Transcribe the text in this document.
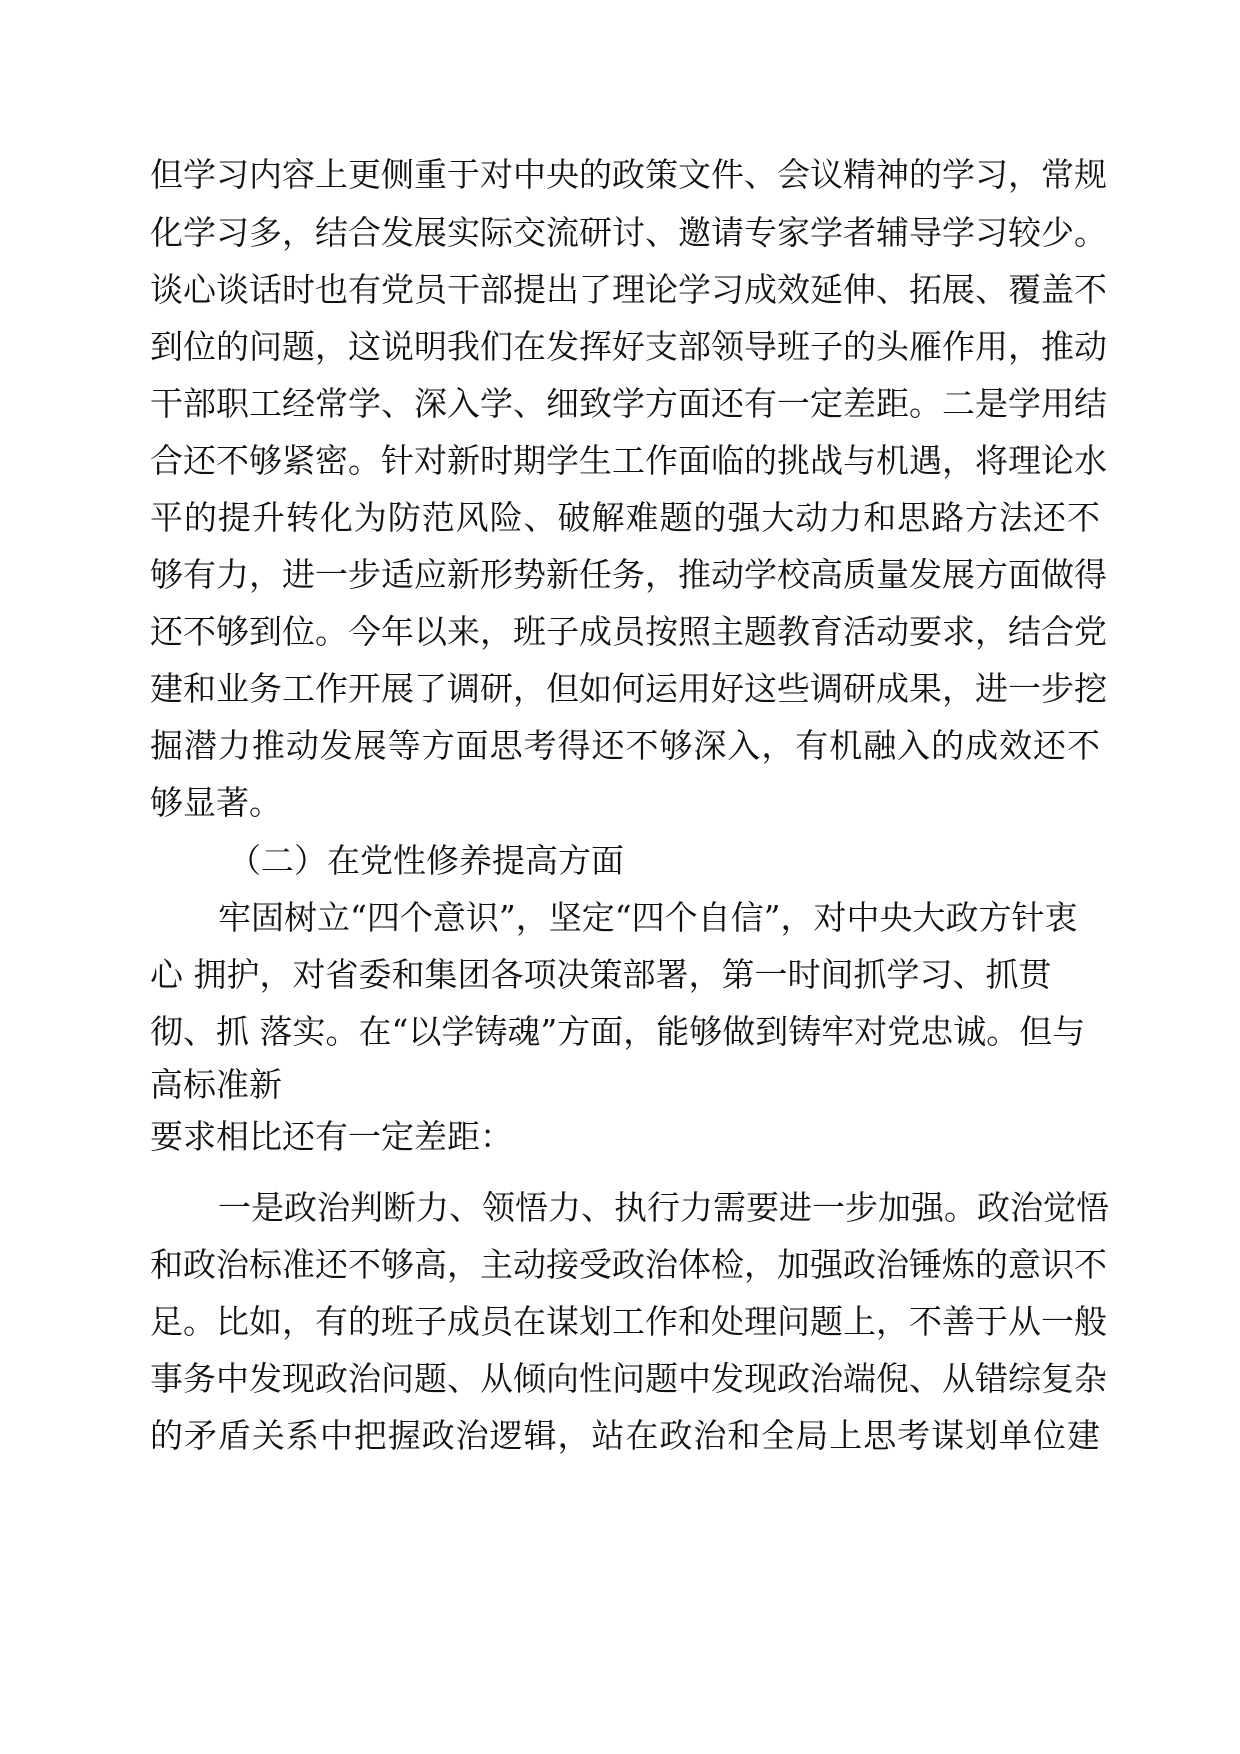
但学习内容上更侧重于对中央的政策文件、会议精神的学习，常规
化学习多，结合发展实际交流研讨、邀请专家学者辅导学习较少。
谈心谈话时也有党员干部提出了理论学习成效延伸、拓展、覆盖不
到位的问题，这说明我们在发挥好支部领导班子的头雁作用，推动
干部职工经常学、深入学、细致学方面还有一定差距。二是学用结
合还不够紧密。针对新时期学生工作面临的挑战与机遇，将理论水
平的提升转化为防范风险、破解难题的强大动力和思路方法还不
够有力，进一步适应新形势新任务，推动学校高质量发展方面做得
还不够到位。今年以来，班子成员按照主题教育活动要求，结合党
建和业务工作开展了调研，但如何运用好这些调研成果，进一步挖
掘潜力推动发展等方面思考得还不够深入，有机融入的成效还不
够显著。
（二）在党性修养提高方面
牢固树立“四个意识”，坚定“四个自信”，对中央大政方针衷
心 拥护，对省委和集团各项决策部署，第一时间抓学习、抓贯
彻、抓 落实。在“以学铸魂”方面，能够做到铸牢对党忠诚。但与
高标准新
要求相比还有一定差距：
一是政治判断力、领悟力、执行力需要进一步加强。政治觉悟
和政治标准还不够高，主动接受政治体检，加强政治锤炼的意识不
足。比如，有的班子成员在谋划工作和处理问题上，不善于从一般
事务中发现政治问题、从倾向性问题中发现政治端倪、从错综复杂
的矛盾关系中把握政治逻辑，站在政治和全局上思考谋划单位建
